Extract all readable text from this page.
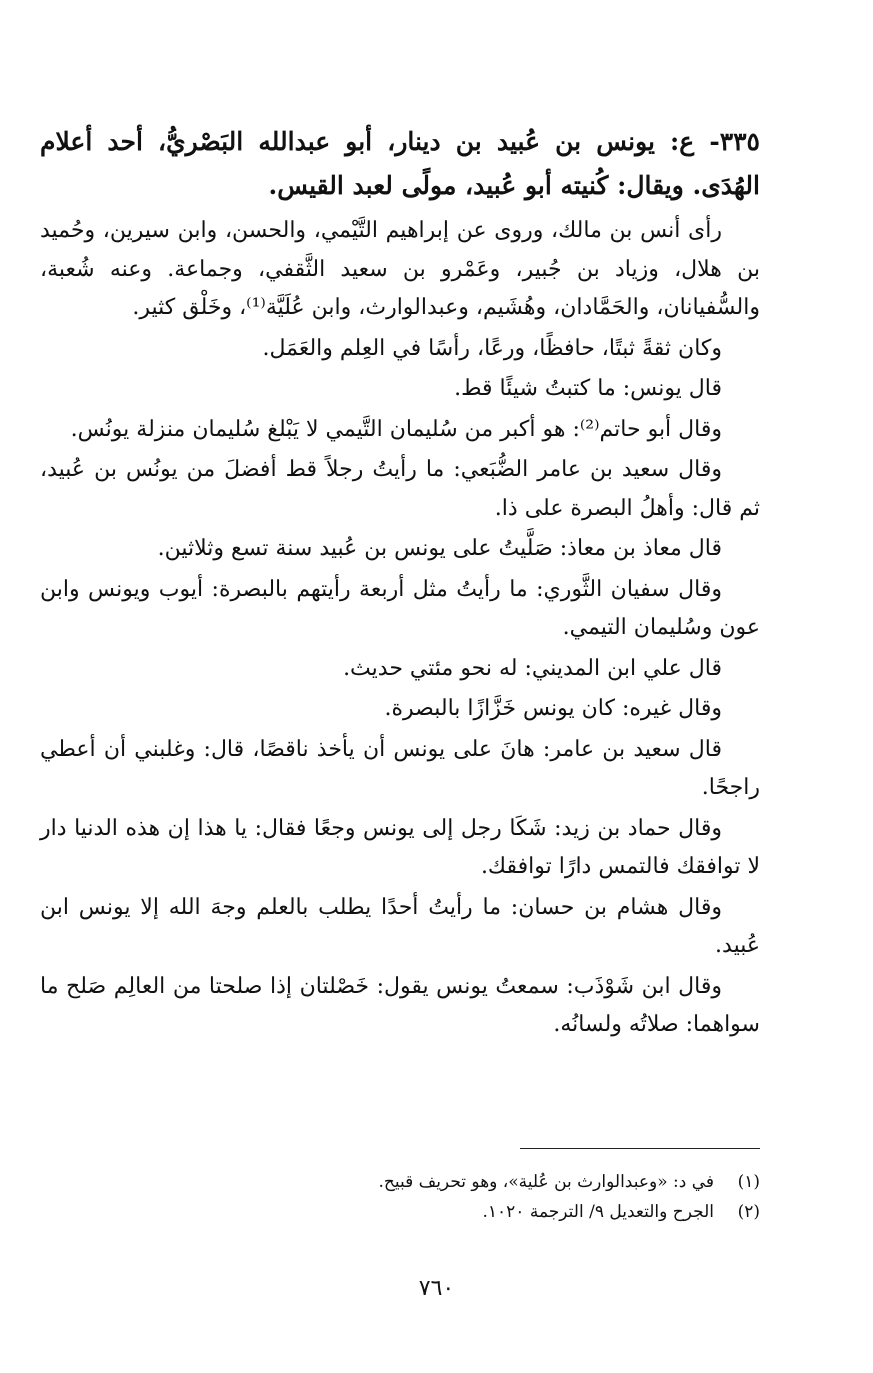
٣٣٥- ع: يونس بن عُبيد بن دينار، أبو عبدالله البَصْريُّ، أحد أعلام الهُدَى. ويقال: كُنيته أبو عُبيد، مولًى لعبد القيس.

رأى أنس بن مالك، وروى عن إبراهيم التَّيْمي، والحسن، وابن سيرين، وحُميد بن هلال، وزياد بن جُبير، وعَمْرو بن سعيد الثَّقفي، وجماعة. وعنه شُعبة، والسُّفيانان، والحَمَّادان، وهُشَيم، وعبدالوارث، وابن عُلَيَّة⁽¹⁾، وخَلْق كثير.

وكان ثقةً ثبتًا، حافظًا، ورعًا، رأسًا في العِلم والعَمَل.

قال يونس: ما كتبتُ شيئًا قط.

وقال أبو حاتم⁽²⁾: هو أكبر من سُليمان التَّيمي لا يَبْلغ سُليمان منزلة يونُس.

وقال سعيد بن عامر الضُّبَعي: ما رأيتُ رجلاً قط أفضلَ من يونُس بن عُبيد، ثم قال: وأهلُ البصرة على ذا.

قال معاذ بن معاذ: صَلَّيتُ على يونس بن عُبيد سنة تسع وثلاثين.

وقال سفيان الثَّوري: ما رأيتُ مثل أربعة رأيتهم بالبصرة: أيوب ويونس وابن عون وسُليمان التيمي.

قال علي ابن المديني: له نحو مئتي حديث.

وقال غيره: كان يونس خَزَّازًا بالبصرة.

قال سعيد بن عامر: هانَ على يونس أن يأخذ ناقصًا، قال: وغلبني أن أعطي راجحًا.

وقال حماد بن زيد: شَكَا رجل إلى يونس وجعًا فقال: يا هذا إن هذه الدنيا دار لا توافقك فالتمس دارًا توافقك.

وقال هشام بن حسان: ما رأيتُ أحدًا يطلب بالعلم وجهَ الله إلا يونس ابن عُبيد.

وقال ابن شَوْذَب: سمعتُ يونس يقول: خَصْلتان إذا صلحتا من العالِم صَلح ما سواهما: صلاتُه ولسانُه.

(١)
في د: «وعبدالوارث بن عُلية»، وهو تحريف قبيح.

(٢)
الجرح والتعديل ٩/ الترجمة ١٠٢٠.

٧٦٠
